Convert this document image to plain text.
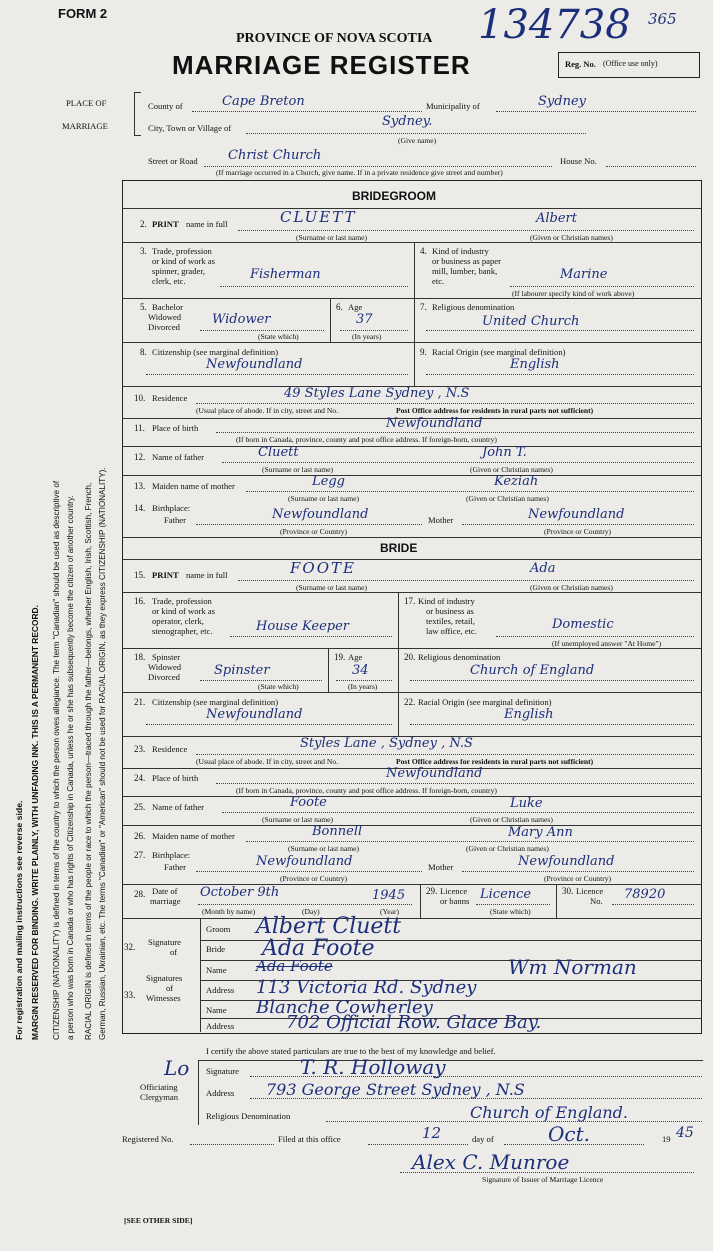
For registration and mailing instructions see reverse side. MARGIN RESERVED FOR BINDING. WRITE PLAINLY, WITH UNFADING INK. THIS IS A PERMANENT RECORD. CITIZENSHIP (NATIONALITY) is defined in terms of the country to which the person owes allegiance. The term "Canadian" should be used as descriptive of a person who was born in Canada or who has rights of Citizenship in Canada, unless he or she has subsequently become the citizen of another country. RACIAL ORIGIN is defined in terms of the people or race to which the person—traced through the father—belongs, whether English, Irish, Scottish, French, German, Russian, Ukrainian, etc. The terms "Canadian" or "American" should not be used for RACIAL ORIGIN, as they express CITIZENSHIP (NATIONALITY).
FORM 2
PROVINCE OF NOVA SCOTIA
MARRIAGE REGISTER
134738 365
Reg. No. (Office use only)
PLACE OF
MARRIAGE
County of	Cape Breton	Municipality of	Sydney
City, Town or Village of	Sydney.
(Give name)
Street or Road Christ Church	House No.
(If marriage occurred in a Church, give name. If in a private residence give street and number)
BRIDEGROOM
2. PRINT name in full	CLUETT	Albert
(Surname or last name)	(Given or Christian names)
3. Trade, profession
or kind of work as
spinner, grader,
clerk, etc.	Fisherman
4. Kind of industry
or business as paper
mill, lumber, bank,
etc.	Marine
(If labourer specify kind of work above)
5. Bachelor
Widowed
Divorced Widower
(State which)
6. Age
37
(In years)
7. Religious denomination
United Church
8. Citizenship (see marginal definition)
Newfoundland
9. Racial Origin (see marginal definition)
English
10. Residence	49 Styles Lane Sydney , N.S
(Usual place of abode. If in city, street and No.	Post Office address for residents in rural parts not sufficient)
11. Place of birth	Newfoundland
(If born in Canada, province, county and post office address. If foreign-born, country)
12. Name of father	Cluett	John T.
(Surname or last name)	(Given or Christian names)
13. Maiden name of mother	Legg	Keziah
(Surname or last name)	(Given or Christian names)
14. Birthplace:
Father	Newfoundland	Mother	Newfoundland
(Province or Country)	(Province or Country)
BRIDE
15. PRINT name in full	FOOTE	Ada
(Surname or last name)	(Given or Christian names)
16. Trade, profession
or kind of work as
operator, clerk,
stenographer, etc.	House Keeper
17. Kind of industry
or business as
textiles, retail,
law office, etc.	Domestic
(If unemployed answer "At Home")
18. Spinster
Widowed
Divorced	Spinster
(State which)
19. Age
34
(In years)
20. Religious denomination
Church of England
21. Citizenship (see marginal definition)
Newfoundland
22. Racial Origin (see marginal definition)
English
23. Residence	Styles Lane , Sydney , N.S
(Usual place of abode. If in city, street and No.	Post Office address for residents in rural parts not sufficient)
24. Place of birth	Newfoundland
(If born in Canada, province, county and post office address. If foreign-born, country)
25. Name of father	Foote	Luke
(Surname or last name)	(Given or Christian names)
26. Maiden name of mother	Bonnell	Mary Ann
(Surname or last name)	(Given or Christian names)
27. Birthplace:
Father	Newfoundland	Mother	Newfoundland
(Province or Country)	(Province or Country)
28. Date of
marriage
October 9th	1945
(Month by name)	(Day)	(Year)
29. Licence
or banns Licence
(State which)
30. Licence
No. 78920
32. Signature
of
Groom Albert Cluett
Bride Ada Foote
Signatures
of
Witnesses
33.
Name Ada Foote	Wm Norman
Address 113 Victoria Rd. Sydney
Name Blanche Cowherley
Address	702 Official Row. Glace Bay.
I certify the above stated particulars are true to the best of my knowledge and belief.
Lo
Officiating
Clergyman
Signature	T. R. Holloway
Address 793 George Street Sydney , N.S
Religious Denomination	Church of England.
Registered No.	Filed at this office	12	day of	Oct.	19 45
Alex C. Munroe
Signature of Issuer of Marriage Licence
[SEE OTHER SIDE]
